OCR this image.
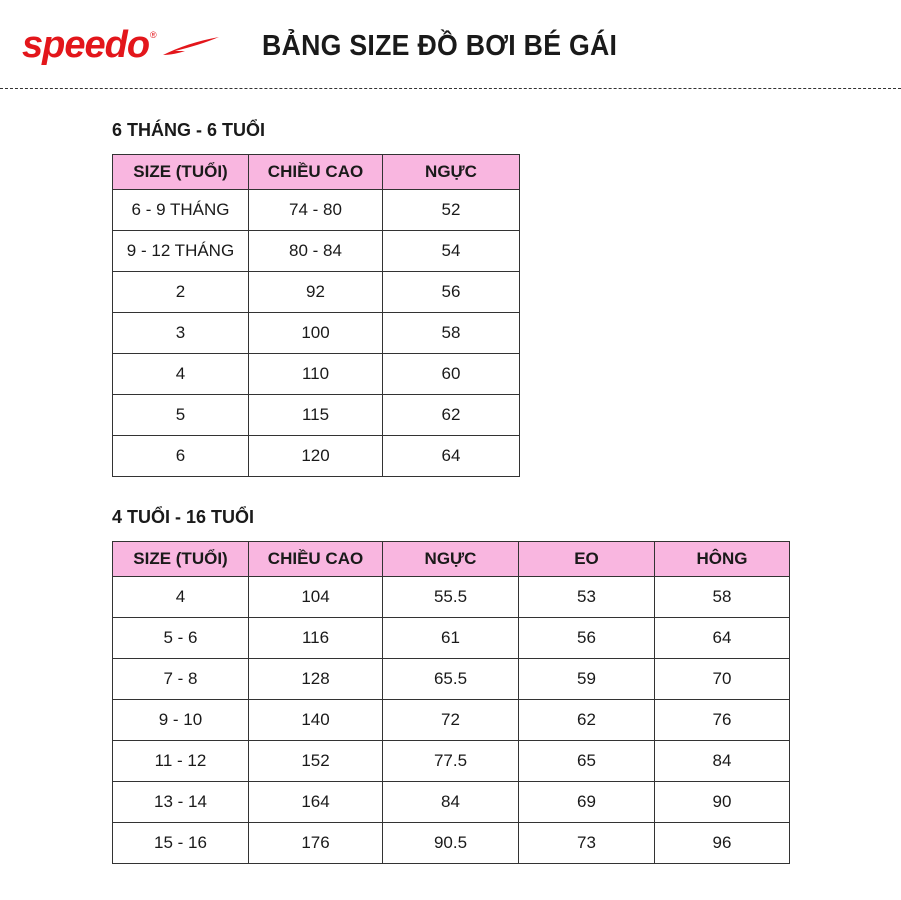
speedo ®	BẢNG SIZE ĐỒ BƠI BÉ GÁI
6 THÁNG - 6 TUỔI
SIZE (TUỔI)	CHIỀU CAO	NGỰC
6 - 9 THÁNG	74 - 80	52
9 - 12 THÁNG	80 - 84	54
2	92	56
3	100	58
4	110	60
5	115	62
6	120	64
4 TUỔI - 16 TUỔI
SIZE (TUỔI)	CHIỀU CAO	NGỰC	EO	HÔNG
4	104	55.5	53	58
5 - 6	116	61	56	64
7 - 8	128	65.5	59	70
9 - 10	140	72	62	76
11 - 12	152	77.5	65	84
13 - 14	164	84	69	90
15 - 16	176	90.5	73	96
